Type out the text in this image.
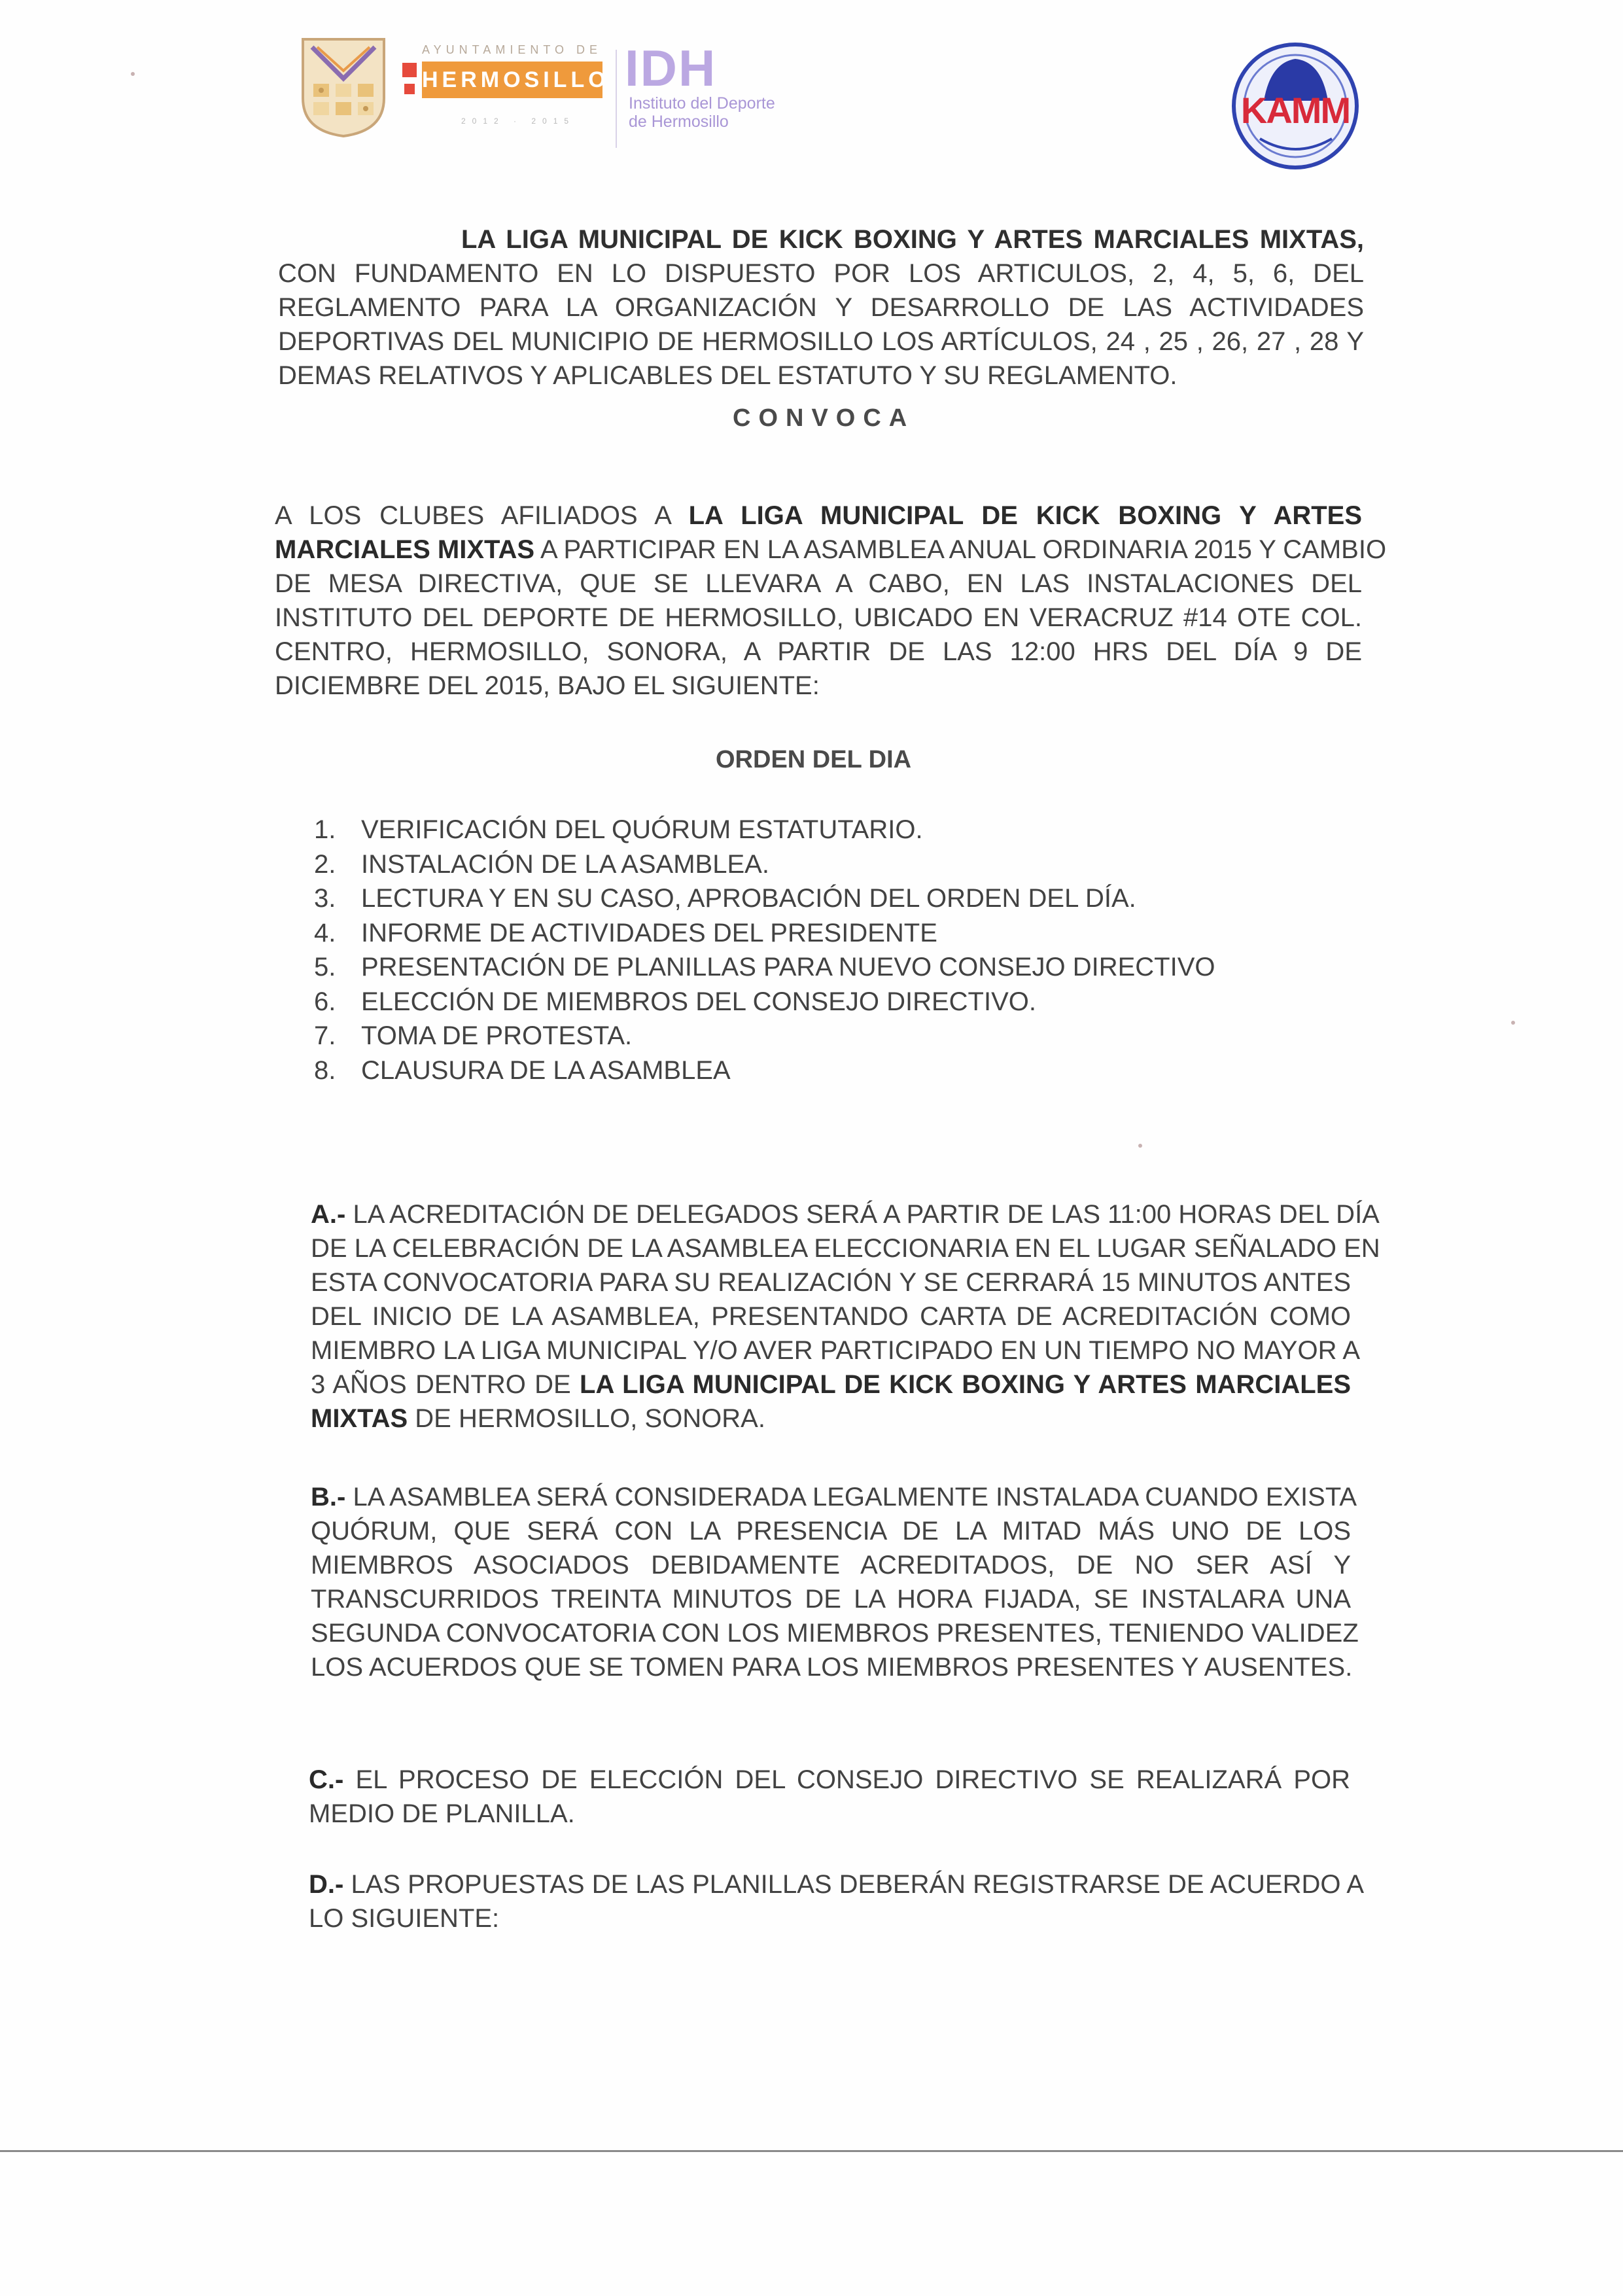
AYUNTAMIENTO DE
HERMOSILLO
2012 · 2015
IDH
Instituto del Deporte
de Hermosillo	KAMM
LA LIGA MUNICIPAL DE KICK BOXING Y ARTES MARCIALES MIXTAS,
CON FUNDAMENTO EN LO DISPUESTO POR LOS ARTICULOS, 2, 4, 5, 6, DEL
REGLAMENTO PARA LA ORGANIZACIÓN Y DESARROLLO DE LAS ACTIVIDADES
DEPORTIVAS DEL MUNICIPIO DE HERMOSILLO LOS ARTÍCULOS, 24 , 25 , 26, 27 , 28 Y
DEMAS RELATIVOS Y APLICABLES DEL ESTATUTO Y SU REGLAMENTO.
CONVOCA
A LOS CLUBES AFILIADOS A LA LIGA MUNICIPAL DE KICK BOXING Y ARTES
MARCIALES MIXTAS A PARTICIPAR EN LA ASAMBLEA ANUAL ORDINARIA 2015 Y CAMBIO
DE MESA DIRECTIVA, QUE SE LLEVARA A CABO, EN LAS INSTALACIONES DEL
INSTITUTO DEL DEPORTE DE HERMOSILLO, UBICADO EN VERACRUZ #14 OTE COL.
CENTRO, HERMOSILLO, SONORA, A PARTIR DE LAS 12:00 HRS DEL DÍA 9 DE
DICIEMBRE DEL 2015, BAJO EL SIGUIENTE:
ORDEN DEL DIA
1. VERIFICACIÓN DEL QUÓRUM ESTATUTARIO.
2. INSTALACIÓN DE LA ASAMBLEA.
3. LECTURA Y EN SU CASO, APROBACIÓN DEL ORDEN DEL DÍA.
4. INFORME DE ACTIVIDADES DEL PRESIDENTE
5. PRESENTACIÓN DE PLANILLAS PARA NUEVO CONSEJO DIRECTIVO
6. ELECCIÓN DE MIEMBROS DEL CONSEJO DIRECTIVO.
7. TOMA DE PROTESTA.
8. CLAUSURA DE LA ASAMBLEA
A.- LA ACREDITACIÓN DE DELEGADOS SERÁ A PARTIR DE LAS 11:00 HORAS DEL DÍA
DE LA CELEBRACIÓN DE LA ASAMBLEA ELECCIONARIA EN EL LUGAR SEÑALADO EN
ESTA CONVOCATORIA PARA SU REALIZACIÓN Y SE CERRARÁ 15 MINUTOS ANTES
DEL INICIO DE LA ASAMBLEA, PRESENTANDO CARTA DE ACREDITACIÓN COMO
MIEMBRO LA LIGA MUNICIPAL Y/O AVER PARTICIPADO EN UN TIEMPO NO MAYOR A
3 AÑOS DENTRO DE LA LIGA MUNICIPAL DE KICK BOXING Y ARTES MARCIALES
MIXTAS DE HERMOSILLO, SONORA.
B.- LA ASAMBLEA SERÁ CONSIDERADA LEGALMENTE INSTALADA CUANDO EXISTA
QUÓRUM, QUE SERÁ CON LA PRESENCIA DE LA MITAD MÁS UNO DE LOS
MIEMBROS ASOCIADOS DEBIDAMENTE ACREDITADOS, DE NO SER ASÍ Y
TRANSCURRIDOS TREINTA MINUTOS DE LA HORA FIJADA, SE INSTALARA UNA
SEGUNDA CONVOCATORIA CON LOS MIEMBROS PRESENTES, TENIENDO VALIDEZ
LOS ACUERDOS QUE SE TOMEN PARA LOS MIEMBROS PRESENTES Y AUSENTES.
C.- EL PROCESO DE ELECCIÓN DEL CONSEJO DIRECTIVO SE REALIZARÁ POR
MEDIO DE PLANILLA.
D.- LAS PROPUESTAS DE LAS PLANILLAS DEBERÁN REGISTRARSE DE ACUERDO A
LO SIGUIENTE:
